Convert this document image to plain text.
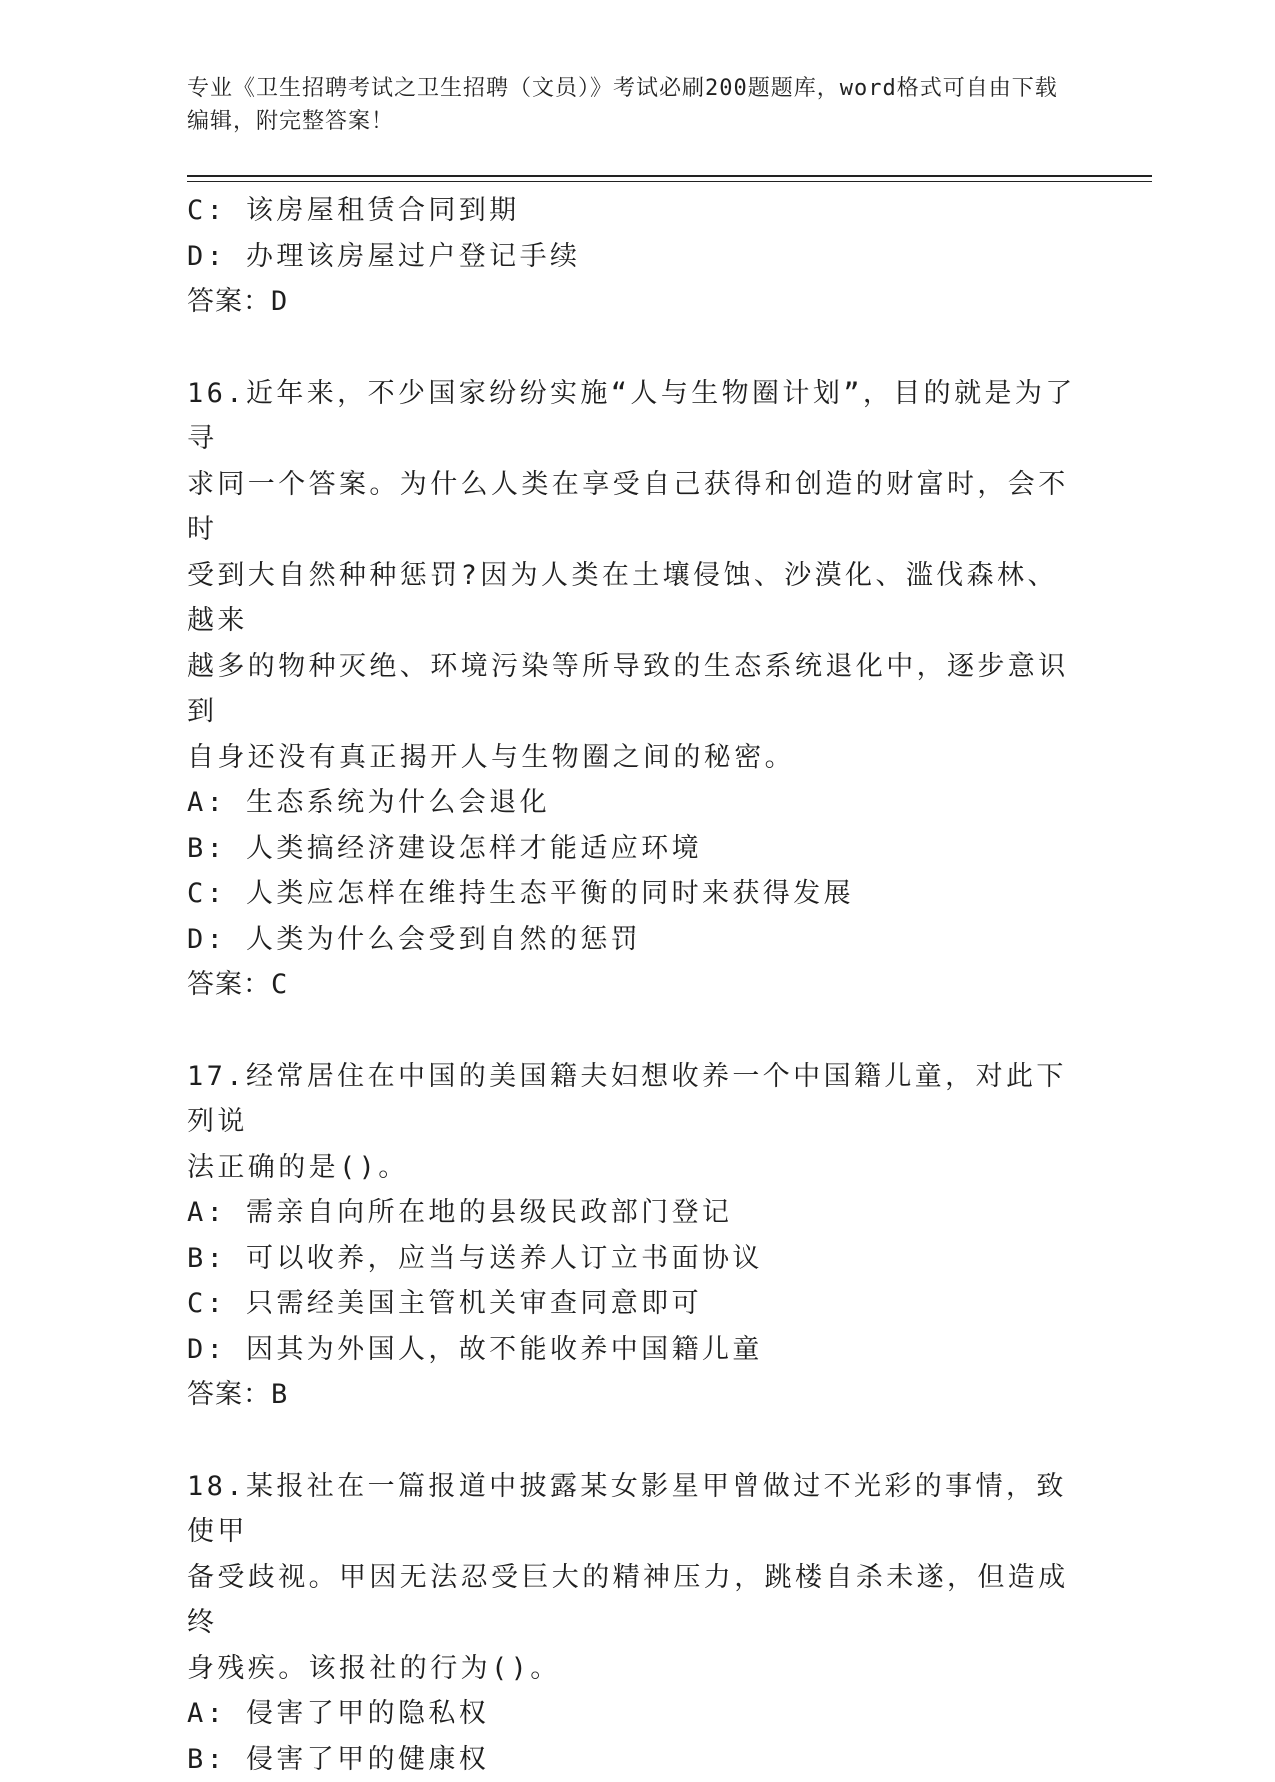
专业《卫生招聘考试之卫生招聘（文员）》考试必刷200题题库，word格式可自由下载编辑，附完整答案！
C: 该房屋租赁合同到期
D: 办理该房屋过户登记手续
答案：D
16.近年来，不少国家纷纷实施“人与生物圈计划”，目的就是为了寻
求同一个答案。为什么人类在享受自己获得和创造的财富时，会不时
受到大自然种种惩罚?因为人类在土壤侵蚀、沙漠化、滥伐森林、越来
越多的物种灭绝、环境污染等所导致的生态系统退化中，逐步意识到
自身还没有真正揭开人与生物圈之间的秘密。
A: 生态系统为什么会退化
B: 人类搞经济建设怎样才能适应环境
C: 人类应怎样在维持生态平衡的同时来获得发展
D: 人类为什么会受到自然的惩罚
答案：C
17.经常居住在中国的美国籍夫妇想收养一个中国籍儿童，对此下列说
法正确的是()。
A: 需亲自向所在地的县级民政部门登记
B: 可以收养，应当与送养人订立书面协议
C: 只需经美国主管机关审查同意即可
D: 因其为外国人，故不能收养中国籍儿童
答案：B
18.某报社在一篇报道中披露某女影星甲曾做过不光彩的事情，致使甲
备受歧视。甲因无法忍受巨大的精神压力，跳楼自杀未遂，但造成终
身残疾。该报社的行为()。
A: 侵害了甲的隐私权
B: 侵害了甲的健康权
